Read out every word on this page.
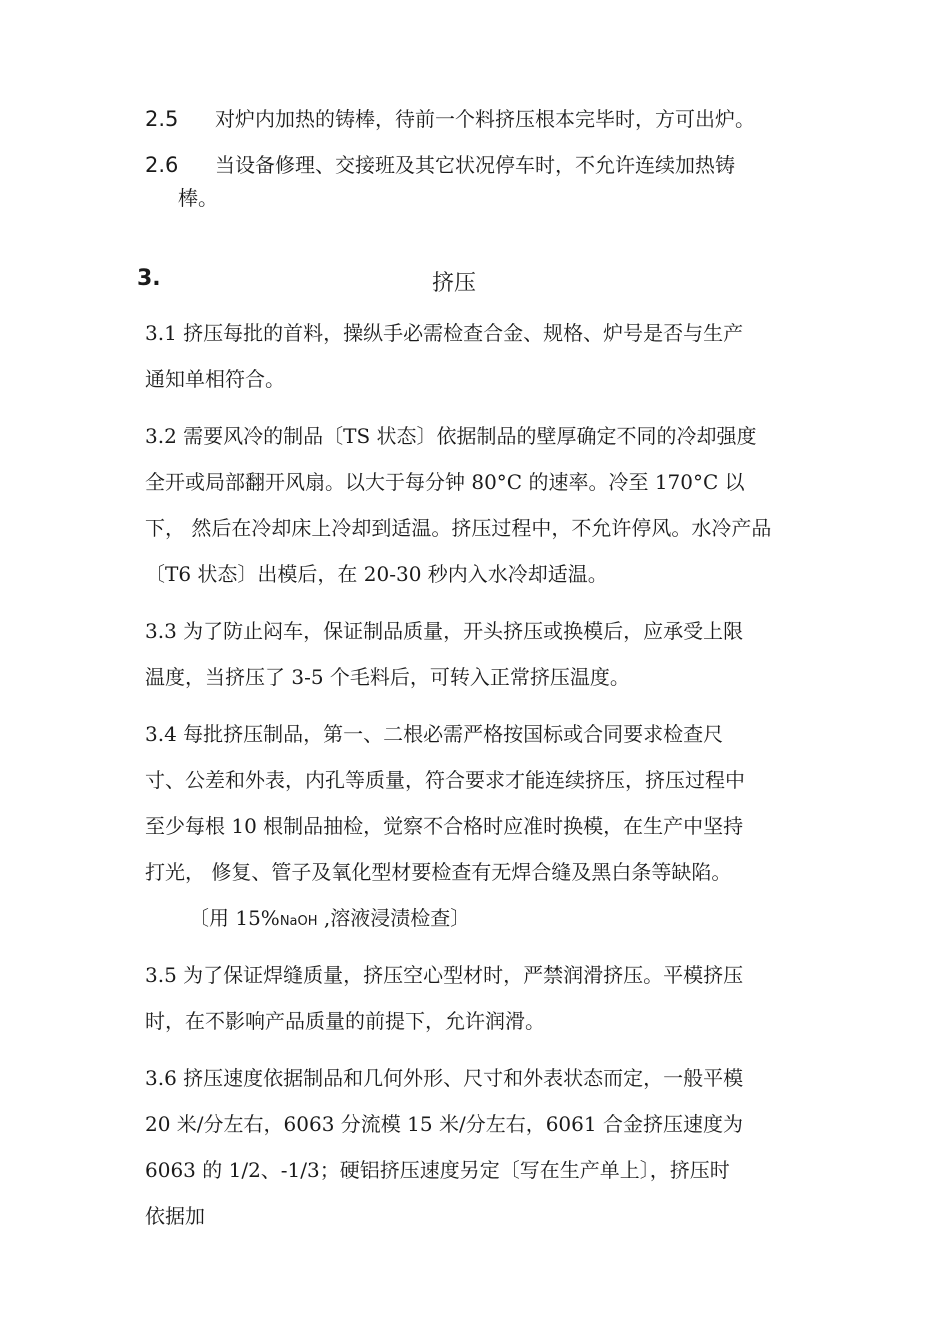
2.5 对炉内加热的铸棒，待前一个料挤压根本完毕时，方可出炉。
2.6 当设备修理、交接班及其它状况停车时，不允许连续加热铸
棒。
3.	挤压
3.1 挤压每批的首料，操纵手必需检查合金、规格、炉号是否与生产
通知单相符合。
3.2 需要风冷的制品〔TS 状态〕依据制品的壁厚确定不同的冷却强度
全开或局部翻开风扇。以大于每分钟 80°C 的速率。冷至 170°C 以
下， 然后在冷却床上冷却到适温。挤压过程中，不允许停风。水冷产品
〔T6 状态〕出模后，在 20-30 秒内入水冷却适温。
3.3 为了防止闷车，保证制品质量，开头挤压或换模后，应承受上限
温度，当挤压了 3-5 个毛料后，可转入正常挤压温度。
3.4 每批挤压制品，第一、二根必需严格按国标或合同要求检查尺
寸、公差和外表，内孔等质量，符合要求才能连续挤压，挤压过程中
至少每根 10 根制品抽检，觉察不合格时应准时换模，在生产中坚持
打光， 修复、管子及氧化型材要检查有无焊合缝及黑白条等缺陷。
〔用 15%NaOH ,溶液浸渍检查〕
3.5 为了保证焊缝质量，挤压空心型材时，严禁润滑挤压。平模挤压
时，在不影响产品质量的前提下，允许润滑。
3.6 挤压速度依据制品和几何外形、尺寸和外表状态而定，一般平模
20 米/分左右，6063 分流模 15 米/分左右，6061 合金挤压速度为
6063 的 1/2、-1/3；硬铝挤压速度另定〔写在生产单上〕，挤压时
依据加
